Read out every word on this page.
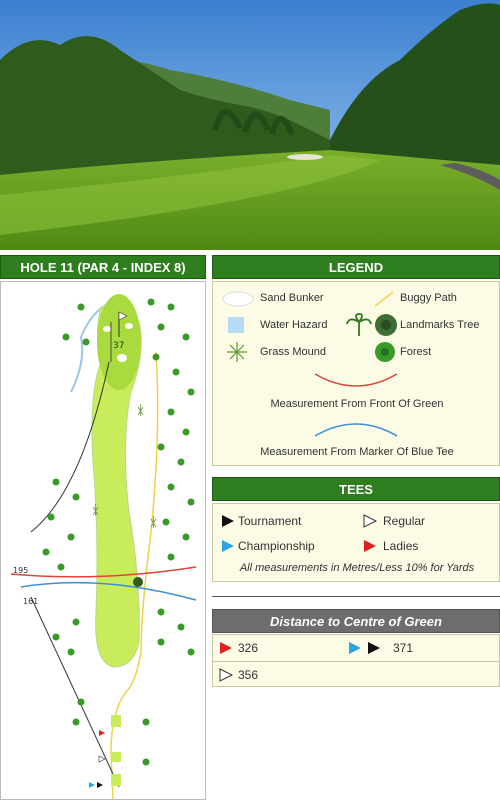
HOLE 11 (PAR 4 - INDEX 8)
37
195
161
LEGEND
Sand Bunker	Buggy Path
Water Hazard	Landmarks Tree
Grass Mound	Forest
Measurement From Front Of Green
Measurement From Marker Of Blue Tee
TEES
Tournament	Regular
Championship	Ladies
All measurements in Metres/Less 10% for Yards
Distance to Centre of Green
326	371
356
